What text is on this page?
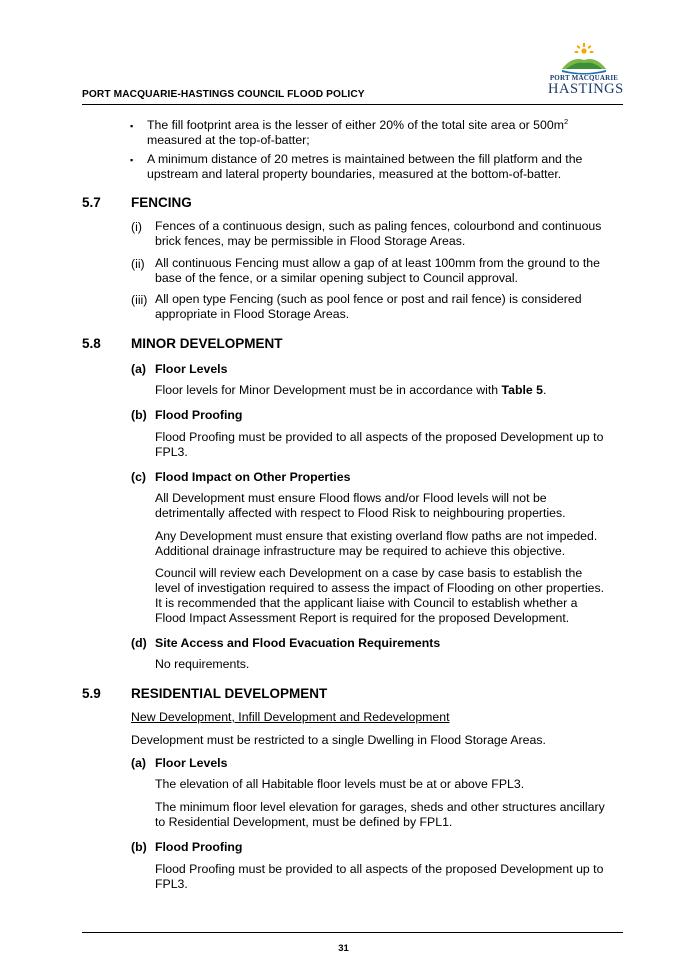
PORT MACQUARIE
HASTINGS
PORT MACQUARIE-HASTINGS COUNCIL FLOOD POLICY
▪ The fill footprint area is the lesser of either 20% of the total site area or $500m^2$
measured at the top-of-batter;
▪ A minimum distance of 20 metres is maintained between the fill platform and the
upstream and lateral property boundaries, measured at the bottom-of-batter.
5.7 FENCING
(i) Fences of a continuous design, such as paling fences, colourbond and continuous
brick fences, may be permissible in Flood Storage Areas.
(ii) All continuous Fencing must allow a gap of at least 100mm from the ground to the
base of the fence, or a similar opening subject to Council approval.
(iii) All open type Fencing (such as pool fence or post and rail fence) is considered
appropriate in Flood Storage Areas.
5.8 MINOR DEVELOPMENT
(a) Floor Levels
Floor levels for Minor Development must be in accordance with Table 5.
(b) Flood Proofing
Flood Proofing must be provided to all aspects of the proposed Development up to
FPL3.
(c) Flood Impact on Other Properties
All Development must ensure Flood flows and/or Flood levels will not be
detrimentally affected with respect to Flood Risk to neighbouring properties.
Any Development must ensure that existing overland flow paths are not impeded.
Additional drainage infrastructure may be required to achieve this objective.
Council will review each Development on a case by case basis to establish the
level of investigation required to assess the impact of Flooding on other properties.
It is recommended that the applicant liaise with Council to establish whether a
Flood Impact Assessment Report is required for the proposed Development.
(d) Site Access and Flood Evacuation Requirements
No requirements.
5.9 RESIDENTIAL DEVELOPMENT
New Development, Infill Development and Redevelopment
Development must be restricted to a single Dwelling in Flood Storage Areas.
(a) Floor Levels
The elevation of all Habitable floor levels must be at or above FPL3.
The minimum floor level elevation for garages, sheds and other structures ancillary
to Residential Development, must be defined by FPL1.
(b) Flood Proofing
Flood Proofing must be provided to all aspects of the proposed Development up to
FPL3.
31
